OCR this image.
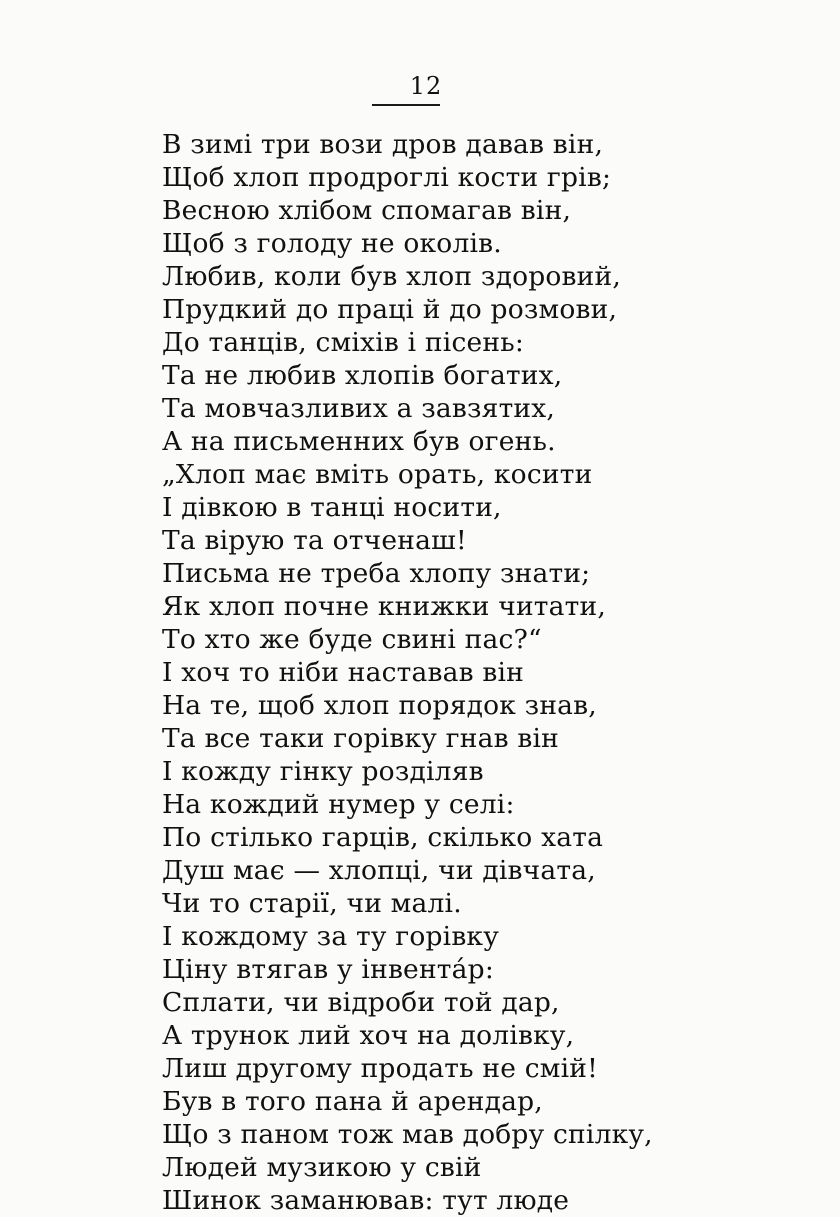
12
В зимі три вози дров давав він,
Щоб хлоп продроглі кости грів;
Весною хлібом спомагав він,
Щоб з голоду не околів.
Любив, коли був хлоп здоровий,
Прудкий до праці й до розмови,
До танців, сміхів і пісень:
Та не любив хлопів богатих,
Та мовчазливих а завзятих,
А на письменних був огень.
„Хлоп має вміть орать, косити
І дівкою в танці носити,
Та вірую та отченаш!
Письма не треба хлопу знати;
Як хлоп почне книжки читати,
То хто же буде свині пас?“
І хоч то ніби наставав він
На те, щоб хлоп порядок знав,
Та все таки горівку гнав він
І кожду гінку розділяв
На кождий нумер у селі:
По стілько гарців, скілько хата
Душ має — хлопці, чи дівчата,
Чи то старії, чи малі.
І кождому за ту горівку
Ціну втягав у інвентáр:
Сплати, чи відроби той дар,
А трунок лий хоч на долівку,
Лиш другому продать не смій!
Був в того пана й арендар,
Що з паном тож мав добру спілку,
Людей музикою у свій
Шинок заманював: тут люде
